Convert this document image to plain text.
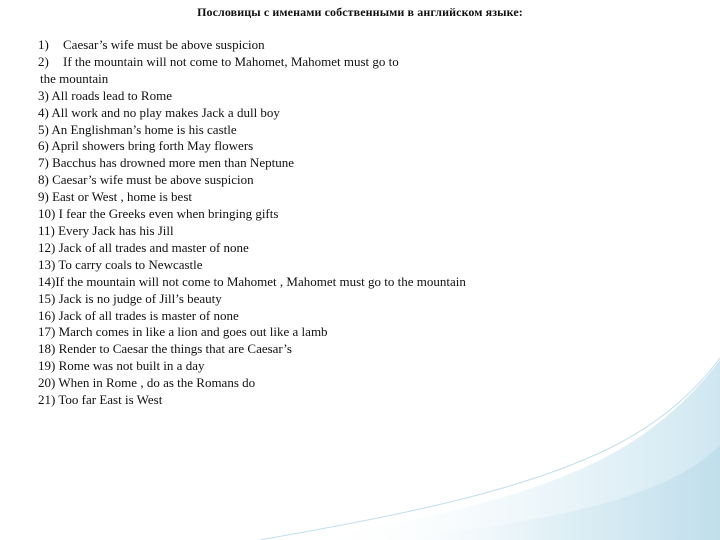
Пословицы с именами собственными в английском языке:
1) Caesar’s wife must be above suspicion
2) If the mountain will not come to Mahomet, Mahomet must go to
the mountain
3) All roads lead to Rome
4) All work and no play makes Jack a dull boy
5) An Englishman’s home is his castle
6) April showers bring forth May flowers
7) Bacchus has drowned more men than Neptune
8) Caesar’s wife must be above suspicion
9) East or West , home is best
10) I fear the Greeks even when bringing gifts
11) Every Jack has his Jill
12) Jack of all trades and master of none
13) To carry coals to Newcastle
14)If the mountain will not come to Mahomet , Mahomet must go to the mountain
15) Jack is no judge of Jill’s beauty
16) Jack of all trades is master of none
17) March comes in like a lion and goes out like a lamb
18) Render to Caesar the things that are Caesar’s
19) Rome was not built in a day
20) When in Rome , do as the Romans do
21) Too far East is West
